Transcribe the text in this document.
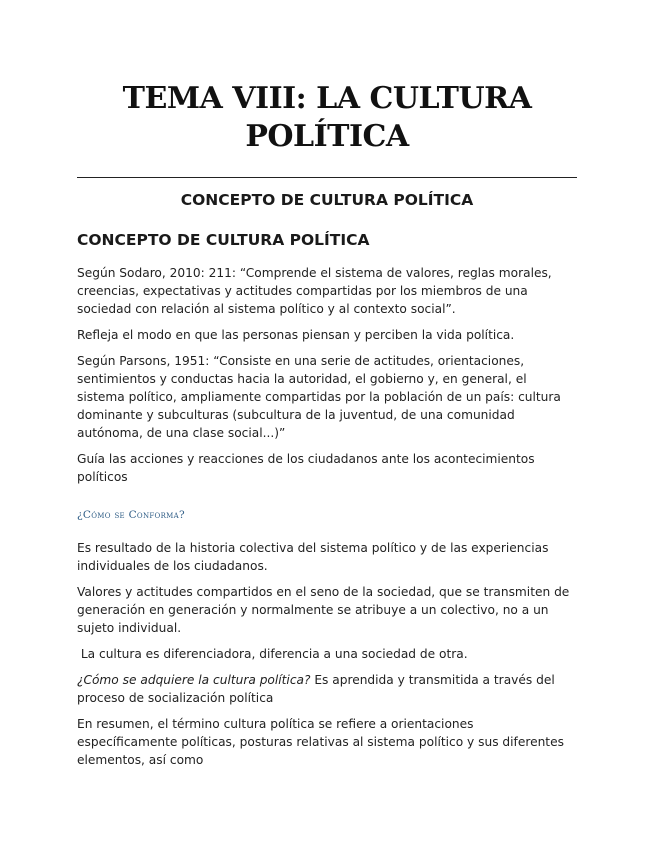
TEMA VIII: LA CULTURA
POLÍTICA
CONCEPTO DE CULTURA POLÍTICA
CONCEPTO DE CULTURA POLÍTICA

Según Sodaro, 2010: 211: “Comprende el sistema de valores, reglas morales, creencias, expectativas y actitudes compartidas por los miembros de una sociedad con relación al sistema político y al contexto social”.

Refleja el modo en que las personas piensan y perciben la vida política.

Según Parsons, 1951: “Consiste en una serie de actitudes, orientaciones, sentimientos y conductas hacia la autoridad, el gobierno y, en general, el sistema político, ampliamente compartidas por la población de un país: cultura dominante y subculturas (subcultura de la juventud, de una comunidad autónoma, de una clase social...)”

Guía las acciones y reacciones de los ciudadanos ante los acontecimientos políticos

¿Cómo se Conforma?

Es resultado de la historia colectiva del sistema político y de las experiencias individuales de los ciudadanos.

Valores y actitudes compartidos en el seno de la sociedad, que se transmiten de generación en generación y normalmente se atribuye a un colectivo, no a un sujeto individual.

La cultura es diferenciadora, diferencia a una sociedad de otra.

¿Cómo se adquiere la cultura política? Es aprendida y transmitida a través del proceso de socialización política

En resumen, el término cultura política se refiere a orientaciones específicamente políticas, posturas relativas al sistema político y sus diferentes elementos, así como
